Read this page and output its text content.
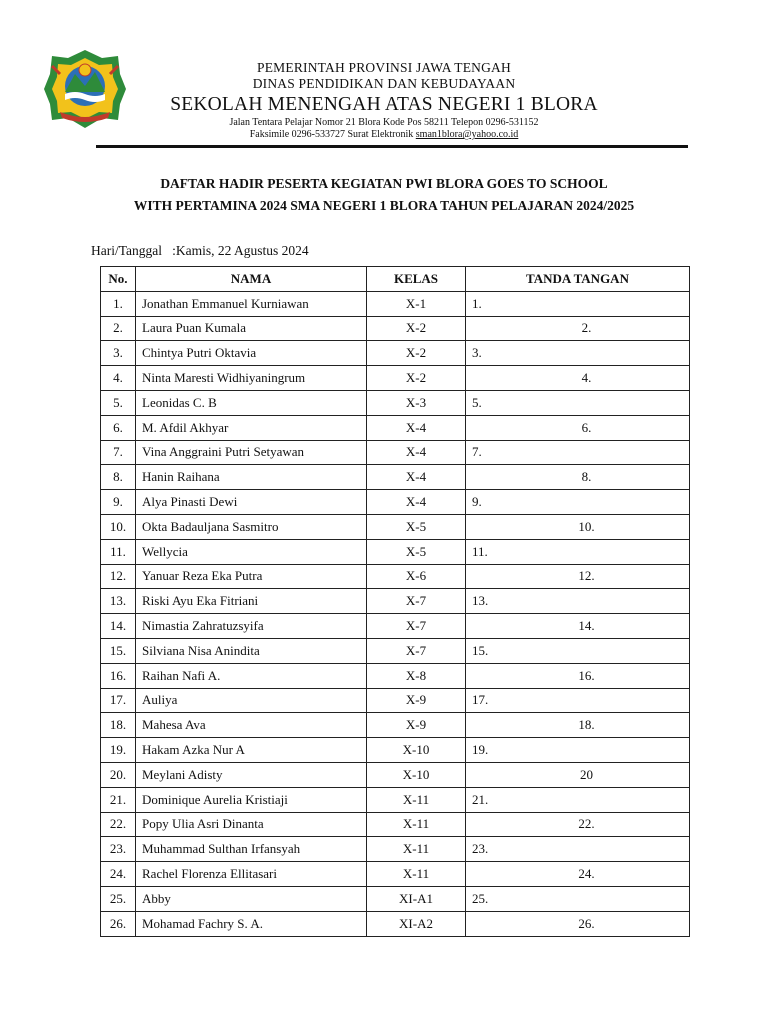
PEMERINTAH PROVINSI JAWA TENGAH
DINAS PENDIDIKAN DAN KEBUDAYAAN
SEKOLAH MENENGAH ATAS NEGERI 1 BLORA
Jalan Tentara Pelajar Nomor 21 Blora Kode Pos 58211 Telepon 0296-531152
Faksimile 0296-533727 Surat Elektronik sman1blora@yahoo.co.id
DAFTAR HADIR PESERTA KEGIATAN PWI BLORA GOES TO SCHOOL
WITH PERTAMINA 2024 SMA NEGERI 1 BLORA TAHUN PELAJARAN 2024/2025
Hari/Tanggal   :Kamis, 22 Agustus 2024
No.	NAMA	KELAS	TANDA TANGAN
1.	Jonathan Emmanuel Kurniawan	X-1	1.
2.	Laura Puan Kumala	X-2	2.
3.	Chintya Putri Oktavia	X-2	3.
4.	Ninta Maresti Widhiyaningrum	X-2	4.
5.	Leonidas C. B	X-3	5.
6.	M. Afdil Akhyar	X-4	6.
7.	Vina Anggraini Putri Setyawan	X-4	7.
8.	Hanin Raihana	X-4	8.
9.	Alya Pinasti Dewi	X-4	9.
10.	Okta Badauljana Sasmitro	X-5	10.
11.	Wellycia	X-5	11.
12.	Yanuar Reza Eka Putra	X-6	12.
13.	Riski Ayu Eka Fitriani	X-7	13.
14.	Nimastia Zahratuzsyifa	X-7	14.
15.	Silviana Nisa Anindita	X-7	15.
16.	Raihan Nafi A.	X-8	16.
17.	Auliya	X-9	17.
18.	Mahesa Ava	X-9	18.
19.	Hakam Azka Nur A	X-10	19.
20.	Meylani Adisty	X-10	20
21.	Dominique Aurelia Kristiaji	X-11	21.
22.	Popy Ulia Asri Dinanta	X-11	22.
23.	Muhammad Sulthan Irfansyah	X-11	23.
24.	Rachel Florenza Ellitasari	X-11	24.
25.	Abby	XI-A1	25.
26.	Mohamad Fachry S. A.	XI-A2	26.
